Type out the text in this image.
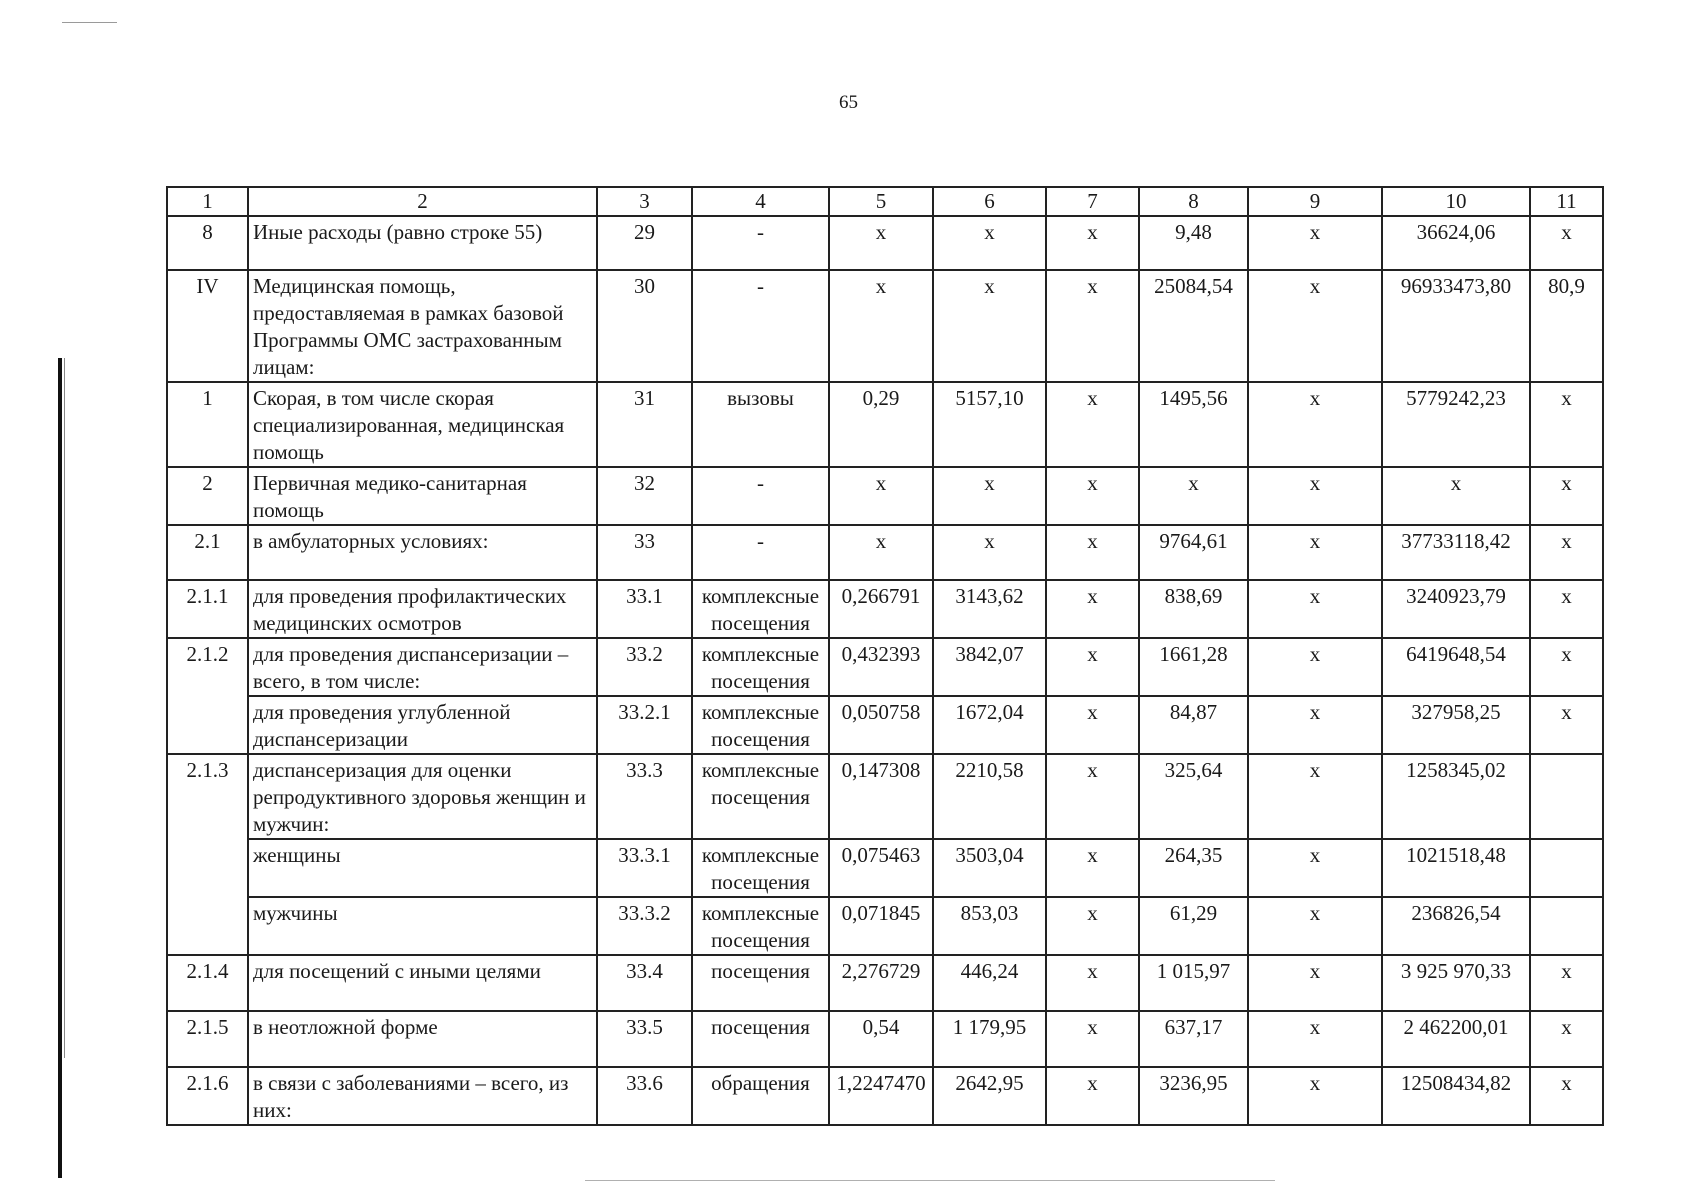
65
1	2	3	4	5	6	7	8	9	10	11
8	Иные расходы (равно строке 55)	29	-	x	x	x	9,48	x	36624,06	x
IV	Медицинская помощь, предоставляемая в рамках базовой Программы ОМС застрахованным лицам:	30	-	x	x	x	25084,54	x	96933473,80	80,9
1	Скорая, в том числе скорая специализированная, медицинская помощь	31	вызовы	0,29	5157,10	x	1495,56	x	5779242,23	x
2	Первичная медико-санитарная помощь	32	-	x	x	x	x	x	x	x
2.1	в амбулаторных условиях:	33	-	x	x	x	9764,61	x	37733118,42	x
2.1.1	для проведения профилактических медицинских осмотров	33.1	комплексные посещения	0,266791	3143,62	x	838,69	x	3240923,79	x
2.1.2	для проведения диспансеризации – всего, в том числе:	33.2	комплексные посещения	0,432393	3842,07	x	1661,28	x	6419648,54	x
	для проведения углубленной диспансеризации	33.2.1	комплексные посещения	0,050758	1672,04	x	84,87	x	327958,25	x
2.1.3	диспансеризация для оценки репродуктивного здоровья женщин и мужчин:	33.3	комплексные посещения	0,147308	2210,58	x	325,64	x	1258345,02	
	женщины	33.3.1	комплексные посещения	0,075463	3503,04	x	264,35	x	1021518,48	
	мужчины	33.3.2	комплексные посещения	0,071845	853,03	x	61,29	x	236826,54	
2.1.4	для посещений с иными целями	33.4	посещения	2,276729	446,24	x	1 015,97	x	3 925 970,33	x
2.1.5	в неотложной форме	33.5	посещения	0,54	1 179,95	x	637,17	x	2 462200,01	x
2.1.6	в связи с заболеваниями – всего, из них:	33.6	обращения	1,2247470	2642,95	x	3236,95	x	12508434,82	x
